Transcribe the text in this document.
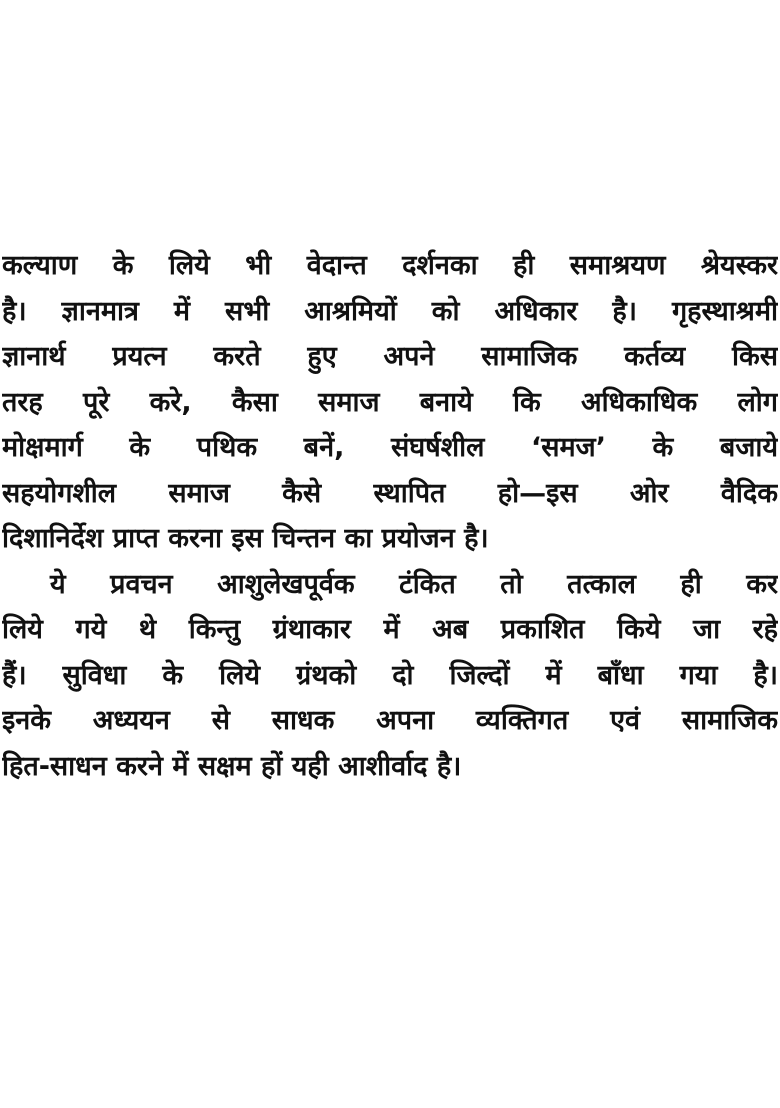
कल्याण के लिये भी वेदान्त दर्शनका ही समाश्रयण श्रेयस्कर
है। ज्ञानमात्र में सभी आश्रमियों को अधिकार है। गृहस्थाश्रमी
ज्ञानार्थ प्रयत्न करते हुए अपने सामाजिक कर्तव्य किस
तरह पूरे करे, कैसा समाज बनाये कि अधिकाधिक लोग
मोक्षमार्ग के पथिक बनें, संघर्षशील ‘समज’ के बजाये
सहयोगशील समाज कैसे स्थापित हो—इस ओर वैदिक
दिशानिर्देश प्राप्त करना इस चिन्तन का प्रयोजन है।
ये प्रवचन आशुलेखपूर्वक टंकित तो तत्काल ही कर
लिये गये थे किन्तु ग्रंथाकार में अब प्रकाशित किये जा रहे
हैं। सुविधा के लिये ग्रंथको दो जिल्दों में बाँधा गया है।
इनके अध्ययन से साधक अपना व्यक्तिगत एवं सामाजिक
हित-साधन करने में सक्षम हों यही आशीर्वाद है।
